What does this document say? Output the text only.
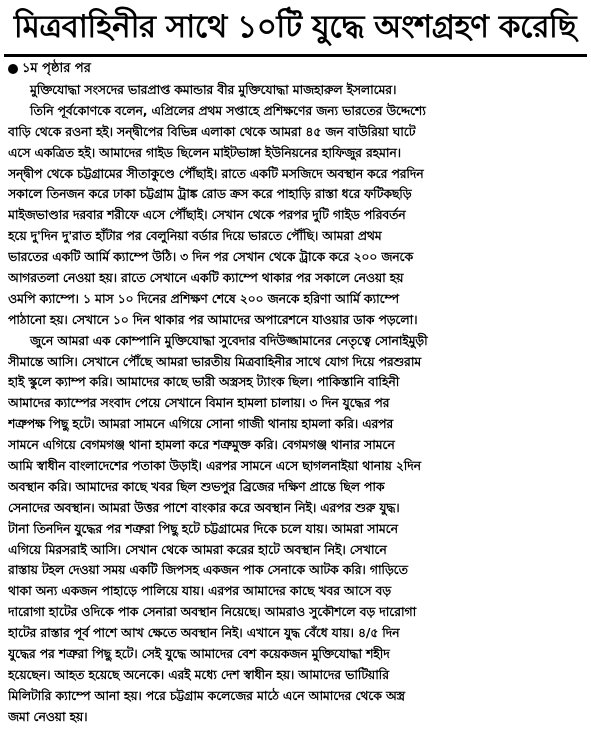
মিত্রবাহিনীর সাথে ১০টি যুদ্ধে অংশগ্রহণ করেছি
১ম পৃষ্ঠার পর
মুক্তিযোদ্ধা সংসদের ভারপ্রাপ্ত কমান্ডার বীর মুক্তিযোদ্ধা মাজহারুল ইসলামের।
তিনি পূর্বকোণকে বলেন, এপ্রিলের প্রথম সপ্তাহে প্রশিক্ষণের জন্য ভারতের উদ্দেশ্যে
বাড়ি থেকে রওনা হই। সন্দ্বীপের বিভিন্ন এলাকা থেকে আমরা ৪৫ জন বাউরিয়া ঘাটে
এসে একত্রিত হই। আমাদের গাইড ছিলেন মাইটভাঙ্গা ইউনিয়নের হাফিজুর রহমান।
সন্দ্বীপ থেকে চট্টগ্রামের সীতাকুণ্ডে পৌঁছাই। রাতে একটি মসজিদে অবস্থান করে পরদিন
সকালে তিনজন করে ঢাকা চট্টগ্রাম ট্রাঙ্ক রোড ক্রস করে পাহাড়ি রাস্তা ধরে ফটিকছড়ি
মাইজভাণ্ডার দরবার শরীফে এসে পৌঁছাই। সেখান থেকে পরপর দুটি গাইড পরিবর্তন
হয়ে দু'দিন দু'রাত হাঁটার পর বেলুনিয়া বর্ডার দিয়ে ভারতে পৌঁছি। আমরা প্রথম
ভারতের একটি আর্মি ক্যাম্পে উঠি। ৩ দিন পর সেখান থেকে ট্রাকে করে ২০০ জনকে
আগরতলা নেওয়া হয়। রাতে সেখানে একটি ক্যাম্পে থাকার পর সকালে নেওয়া হয়
ওমপি ক্যাম্পে। ১ মাস ১০ দিনের প্রশিক্ষণ শেষে ২০০ জনকে হরিণা আর্মি ক্যাম্পে
পাঠানো হয়। সেখানে ১০ দিন থাকার পর আমাদের অপারেশনে যাওয়ার ডাক পড়লো।
জুনে আমরা এক কোম্পানি মুক্তিযোদ্ধা সুবেদার বদিউজ্জামানের নেতৃত্বে সোনাইমুড়ী
সীমান্তে আসি। সেখানে পৌঁছে আমরা ভারতীয় মিত্রবাহিনীর সাথে যোগ দিয়ে পরশুরাম
হাই স্কুলে ক্যাম্প করি। আমাদের কাছে ভারী অস্ত্রসহ ট্যাংক ছিল। পাকিস্তানি বাহিনী
আমাদের ক্যাম্পের সংবাদ পেয়ে সেখানে বিমান হামলা চালায়। ৩ দিন যুদ্ধের পর
শত্রুপক্ষ পিছু হটে। আমরা সামনে এগিয়ে সোনা গাজী থানায় হামলা করি। এরপর
সামনে এগিয়ে বেগমগঞ্জ থানা হামলা করে শত্রুমুক্ত করি। বেগমগঞ্জ থানার সামনে
আমি স্বাধীন বাংলাদেশের পতাকা উড়াই। এরপর সামনে এসে ছাগলনাইয়া থানায় ২দিন
অবস্থান করি। আমাদের কাছে খবর ছিল শুভপুর ব্রিজের দক্ষিণ প্রান্তে ছিল পাক
সেনাদের অবস্থান। আমরা উত্তর পাশে বাংকার করে অবস্থান নিই। এরপর শুরু যুদ্ধ।
টানা তিনদিন যুদ্ধের পর শত্রুরা পিছু হটে চট্টগ্রামের দিকে চলে যায়। আমরা সামনে
এগিয়ে মিরসরাই আসি। সেখান থেকে আমরা করের হাটে অবস্থান নিই। সেখানে
রাস্তায় টহল দেওয়া সময় একটি জিপসহ একজন পাক সেনাকে আটক করি। গাড়িতে
থাকা অন্য একজন পাহাড়ে পালিয়ে যায়। এরপর আমাদের কাছে খবর আসে বড়
দারোগা হাটের ওদিকে পাক সেনারা অবস্থান নিয়েছে। আমরাও সুকৌশলে বড় দারোগা
হাটের রাস্তার পূর্ব পাশে আখ ক্ষেতে অবস্থান নিই। এখানে যুদ্ধ বেঁধে যায়। ৪/৫ দিন
যুদ্ধের পর শত্রুরা পিছু হটে। সেই যুদ্ধে আমাদের বেশ কয়েকজন মুক্তিযোদ্ধা শহীদ
হয়েছেন। আহত হয়েছে অনেকে। এরই মধ্যে দেশ স্বাধীন হয়। আমাদের ভাটিয়ারি
মিলিটারি ক্যাম্পে আনা হয়। পরে চট্টগ্রাম কলেজের মাঠে এনে আমাদের থেকে অস্ত্র
জমা নেওয়া হয়।
